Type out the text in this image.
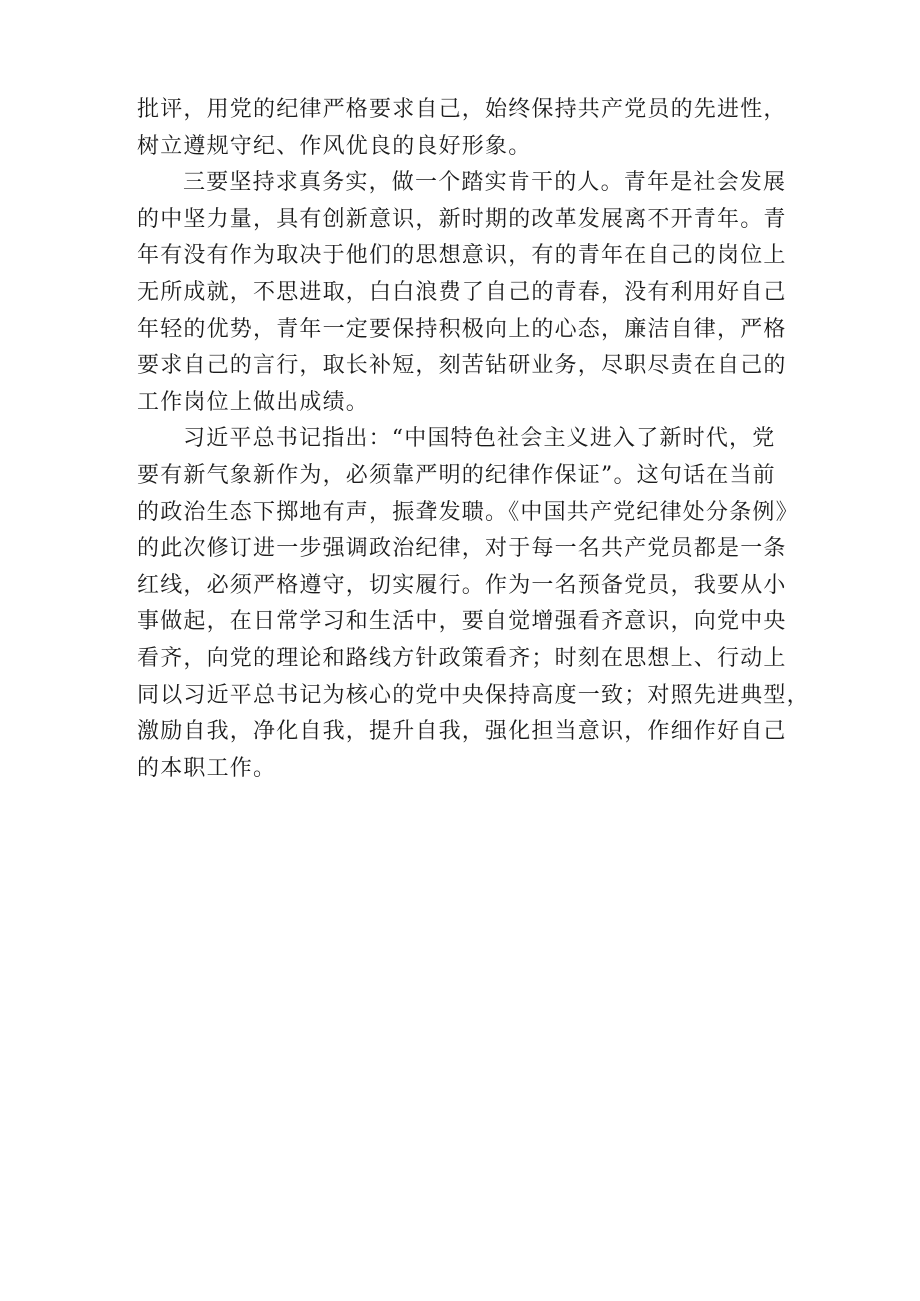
批评，用党的纪律严格要求自己，始终保持共产党员的先进性，
树立遵规守纪、作风优良的良好形象。
三要坚持求真务实，做一个踏实肯干的人。青年是社会发展
的中坚力量，具有创新意识，新时期的改革发展离不开青年。青
年有没有作为取决于他们的思想意识，有的青年在自己的岗位上
无所成就，不思进取，白白浪费了自己的青春，没有利用好自己
年轻的优势，青年一定要保持积极向上的心态，廉洁自律，严格
要求自己的言行，取长补短，刻苦钻研业务，尽职尽责在自己的
工作岗位上做出成绩。
习近平总书记指出：“中国特色社会主义进入了新时代，党
要有新气象新作为，必须靠严明的纪律作保证”。这句话在当前
的政治生态下掷地有声，振聋发聩。《中国共产党纪律处分条例》
的此次修订进一步强调政治纪律，对于每一名共产党员都是一条
红线，必须严格遵守，切实履行。作为一名预备党员，我要从小
事做起，在日常学习和生活中，要自觉增强看齐意识，向党中央
看齐，向党的理论和路线方针政策看齐；时刻在思想上、行动上
同以习近平总书记为核心的党中央保持高度一致；对照先进典型，
激励自我，净化自我，提升自我，强化担当意识，作细作好自己
的本职工作。
